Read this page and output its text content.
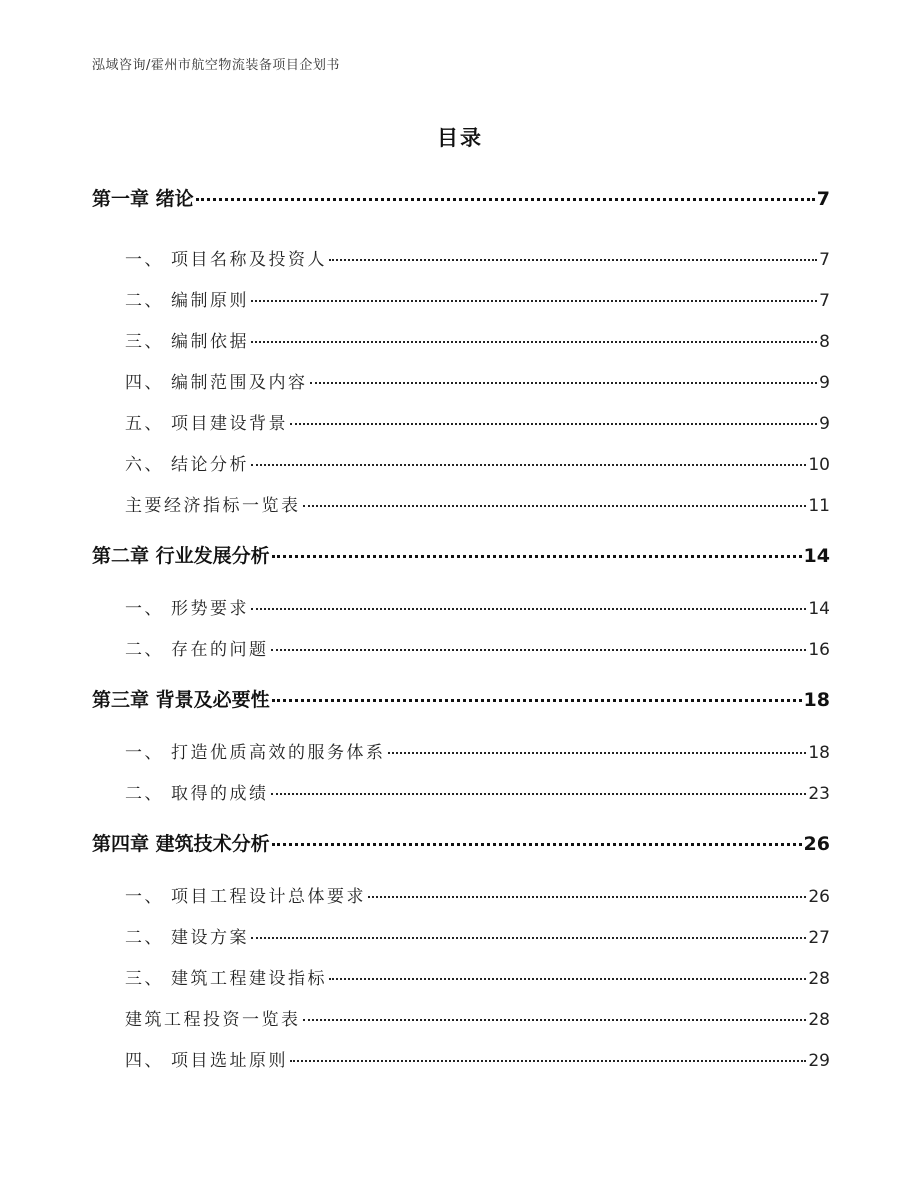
泓域咨询/霍州市航空物流装备项目企划书
目录
第一章 绪论	7
一、 项目名称及投资人	7
二、 编制原则	7
三、 编制依据	8
四、 编制范围及内容	9
五、 项目建设背景	9
六、 结论分析	10
主要经济指标一览表	11
第二章 行业发展分析	14
一、 形势要求	14
二、 存在的问题	16
第三章 背景及必要性	18
一、 打造优质高效的服务体系	18
二、 取得的成绩	23
第四章 建筑技术分析	26
一、 项目工程设计总体要求	26
二、 建设方案	27
三、 建筑工程建设指标	28
建筑工程投资一览表	28
四、 项目选址原则	29
